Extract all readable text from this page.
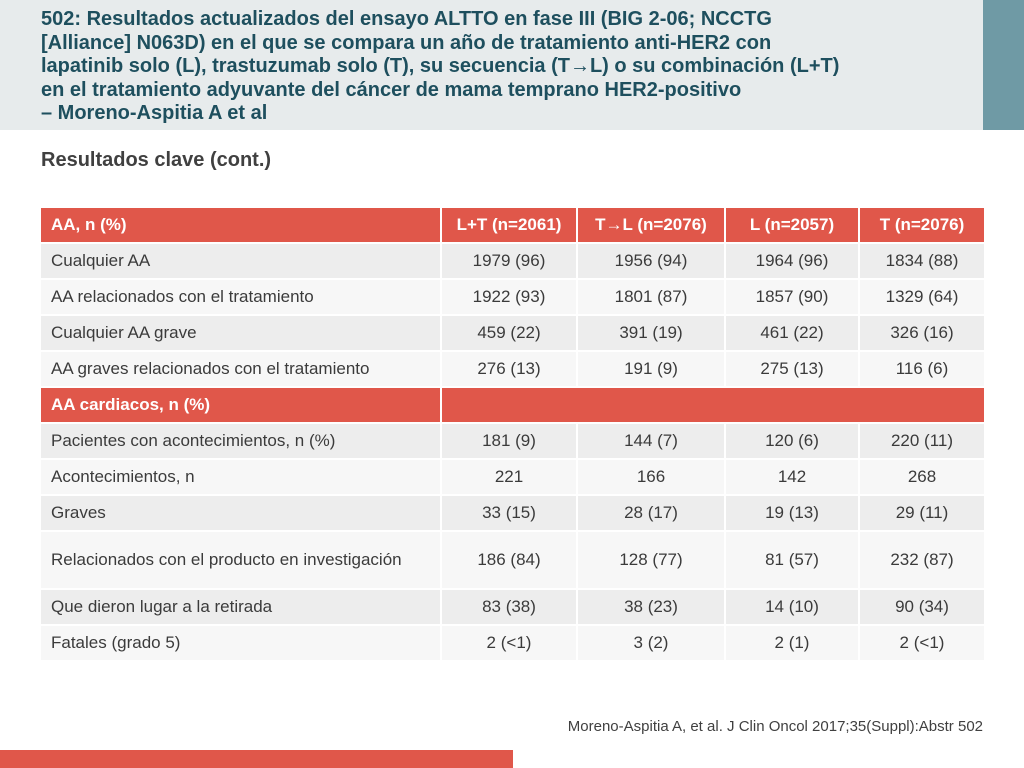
502: Resultados actualizados del ensayo ALTTO en fase III (BIG 2-06; NCCTG
[Alliance] N063D) en el que se compara un año de tratamiento anti-HER2 con
lapatinib solo (L), trastuzumab solo (T), su secuencia (T→L) o su combinación (L+T)
en el tratamiento adyuvante del cáncer de mama temprano HER2-positivo
– Moreno-Aspitia A et al
Resultados clave (cont.)
AA, n (%)	L+T (n=2061)	T→L (n=2076)	L (n=2057)	T (n=2076)
Cualquier AA	1979 (96)	1956 (94)	1964 (96)	1834 (88)
AA relacionados con el tratamiento	1922 (93)	1801 (87)	1857 (90)	1329 (64)
Cualquier AA grave	459 (22)	391 (19)	461 (22)	326 (16)
AA graves relacionados con el tratamiento	276 (13)	191 (9)	275 (13)	116 (6)
AA cardiacos, n (%)				
Pacientes con acontecimientos, n (%)	181 (9)	144 (7)	120 (6)	220 (11)
Acontecimientos, n	221	166	142	268
Graves	33 (15)	28 (17)	19 (13)	29 (11)
Relacionados con el producto en investigación	186 (84)	128 (77)	81 (57)	232 (87)
Que dieron lugar a la retirada	83 (38)	38 (23)	14 (10)	90 (34)
Fatales (grado 5)	2 (<1)	3 (2)	2 (1)	2 (<1)

Moreno-Aspitia A, et al. J Clin Oncol 2017;35(Suppl):Abstr 502
